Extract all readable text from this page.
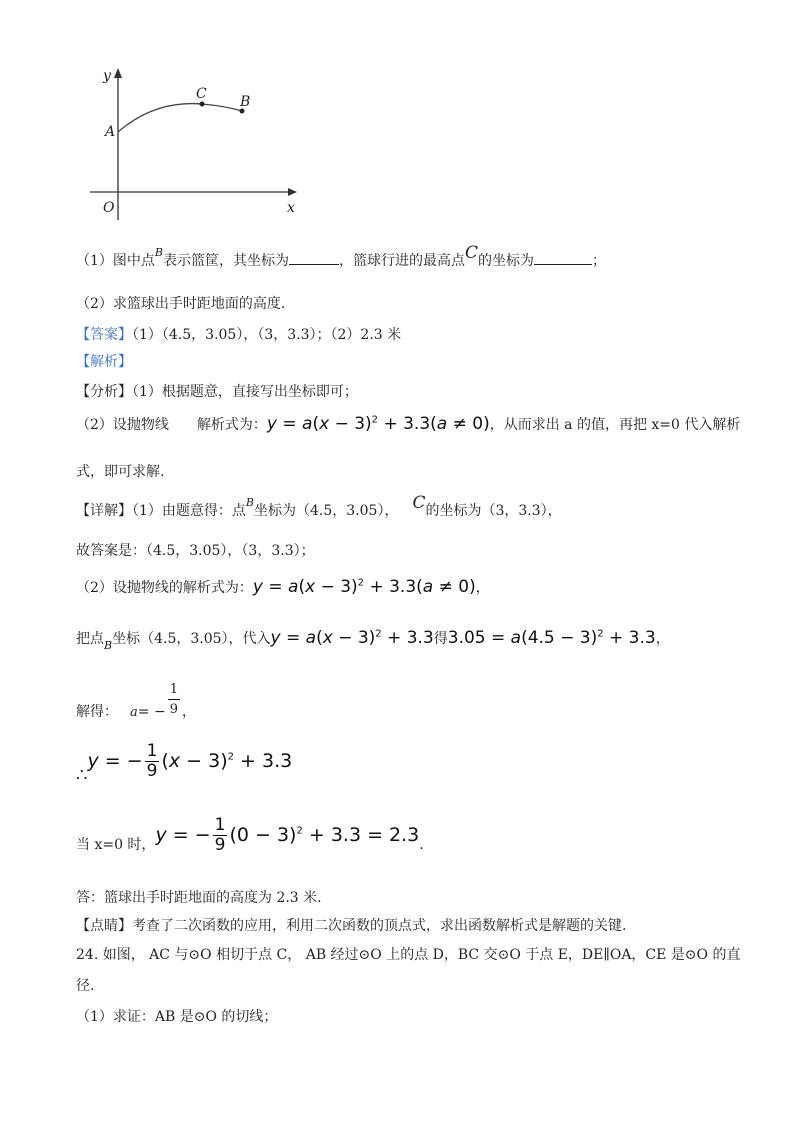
y
x
O
A
C B
（1）图中点$^B$表示篮筐，其坐标为	，篮球行进的最高点C的坐标为	；
（2）求篮球出手时距地面的高度.
【答案】（1）（4.5，3.05），（3，3.3）；（2）2.3 米
【解析】
【分析】（1）根据题意，直接写出坐标即可；
（2）设抛物线　　解析式为：$y = a(x - 3)^2 + 3.3(a \ne 0)$，从而求出 a 的值，再把 x=0 代入解析
式，即可求解.
【详解】（1）由题意得：点$^B$坐标为（4.5，3.05）， C的坐标为（3，3.3），
故答案是：（4.5，3.05），（3，3.3）；
（2）设抛物线的解析式为：$y = a(x - 3)^2 + 3.3(a \ne 0)$，
把点$_B$坐标（4.5，3.05），代入$y = a(x - 3)^2 + 3.3$得$3.05 = a(4.5 - 3)^2 + 3.3$，
解得： $a= - \frac{1}{9}$ ，
∴y = − $\frac{1}{9} (x - 3)^2 + 3.3$
当 x=0 时，y = − $\frac{1}{9} (0 - 3)^2 + 3.3 = 2.3$.
答：篮球出手时距地面的高度为 2.3 米.
【点睛】考查了二次函数的应用，利用二次函数的顶点式，求出函数解析式是解题的关键.
24. 如图， AC 与⊙O 相切于点 C， AB 经过⊙O 上的点 D，BC 交⊙O 于点 E，DE∥OA，CE 是⊙O 的直
径.
（1）求证：AB 是⊙O 的切线；
